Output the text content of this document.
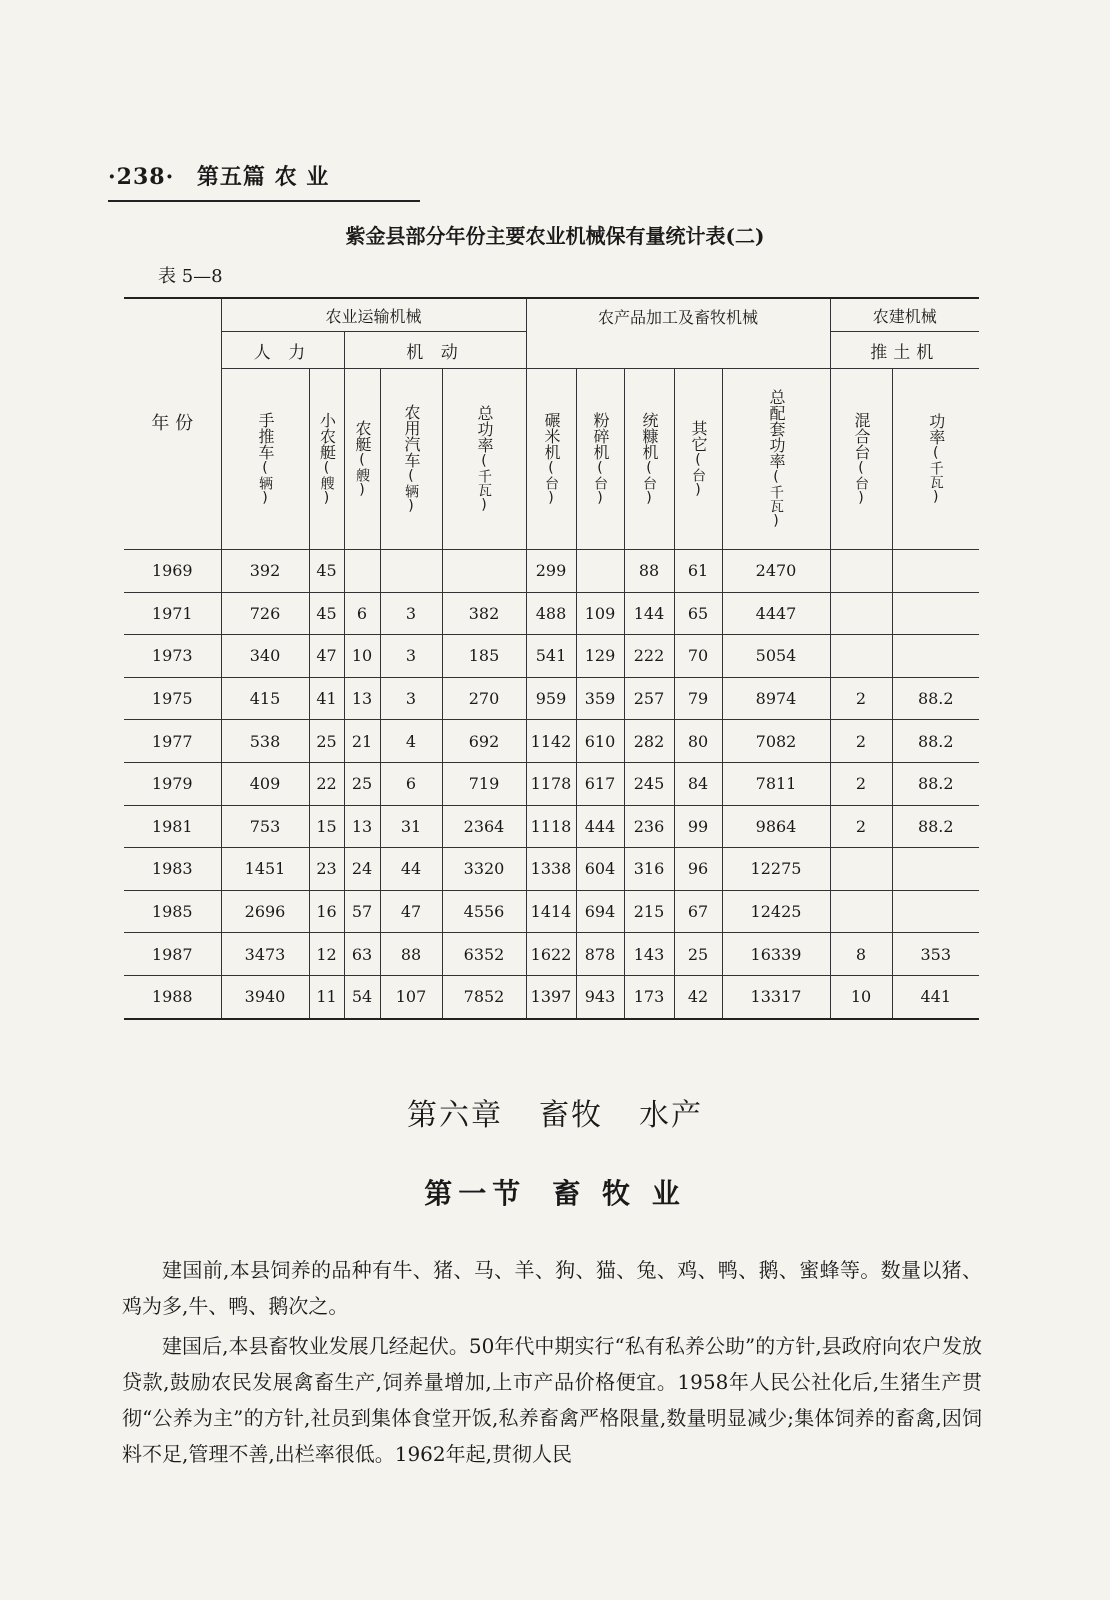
·238· 第五篇 农 业
紫金县部分年份主要农业机械保有量统计表(二)
表 5—8
年 份	农业运输机械					农产品加工及畜牧机械					农建机械	
	人 力		机 动								推土机	
	手推车(辆)	小农艇(艘)	农艇(艘)	农用汽车(辆)	总功率(千瓦)	碾米机(台)	粉碎机(台)	统糠机(台)	其它(台)	总配套功率(千瓦)	混合台(台)	功率(千瓦)
1969	392	45				299		88	61	2470		
1971	726	45	6	3	382	488	109	144	65	4447		
1973	340	47	10	3	185	541	129	222	70	5054		
1975	415	41	13	3	270	959	359	257	79	8974	2	88.2
1977	538	25	21	4	692	1142	610	282	80	7082	2	88.2
1979	409	22	25	6	719	1178	617	245	84	7811	2	88.2
1981	753	15	13	31	2364	1118	444	236	99	9864	2	88.2
1983	1451	23	24	44	3320	1338	604	316	96	12275		
1985	2696	16	57	47	4556	1414	694	215	67	12425		
1987	3473	12	63	88	6352	1622	878	143	25	16339	8	353
1988	3940	11	54	107	7852	1397	943	173	42	13317	10	441
第六章 畜牧 水产
第一节 畜 牧 业

建国前,本县饲养的品种有牛、猪、马、羊、狗、猫、兔、鸡、鸭、鹅、蜜蜂等。数量以猪、鸡为多,牛、鸭、鹅次之。

建国后,本县畜牧业发展几经起伏。50年代中期实行“私有私养公助”的方针,县政府向农户发放贷款,鼓励农民发展禽畜生产,饲养量增加,上市产品价格便宜。1958年人民公社化后,生猪生产贯彻“公养为主”的方针,社员到集体食堂开饭,私养畜禽严格限量,数量明显减少;集体饲养的畜禽,因饲料不足,管理不善,出栏率很低。1962年起,贯彻人民
